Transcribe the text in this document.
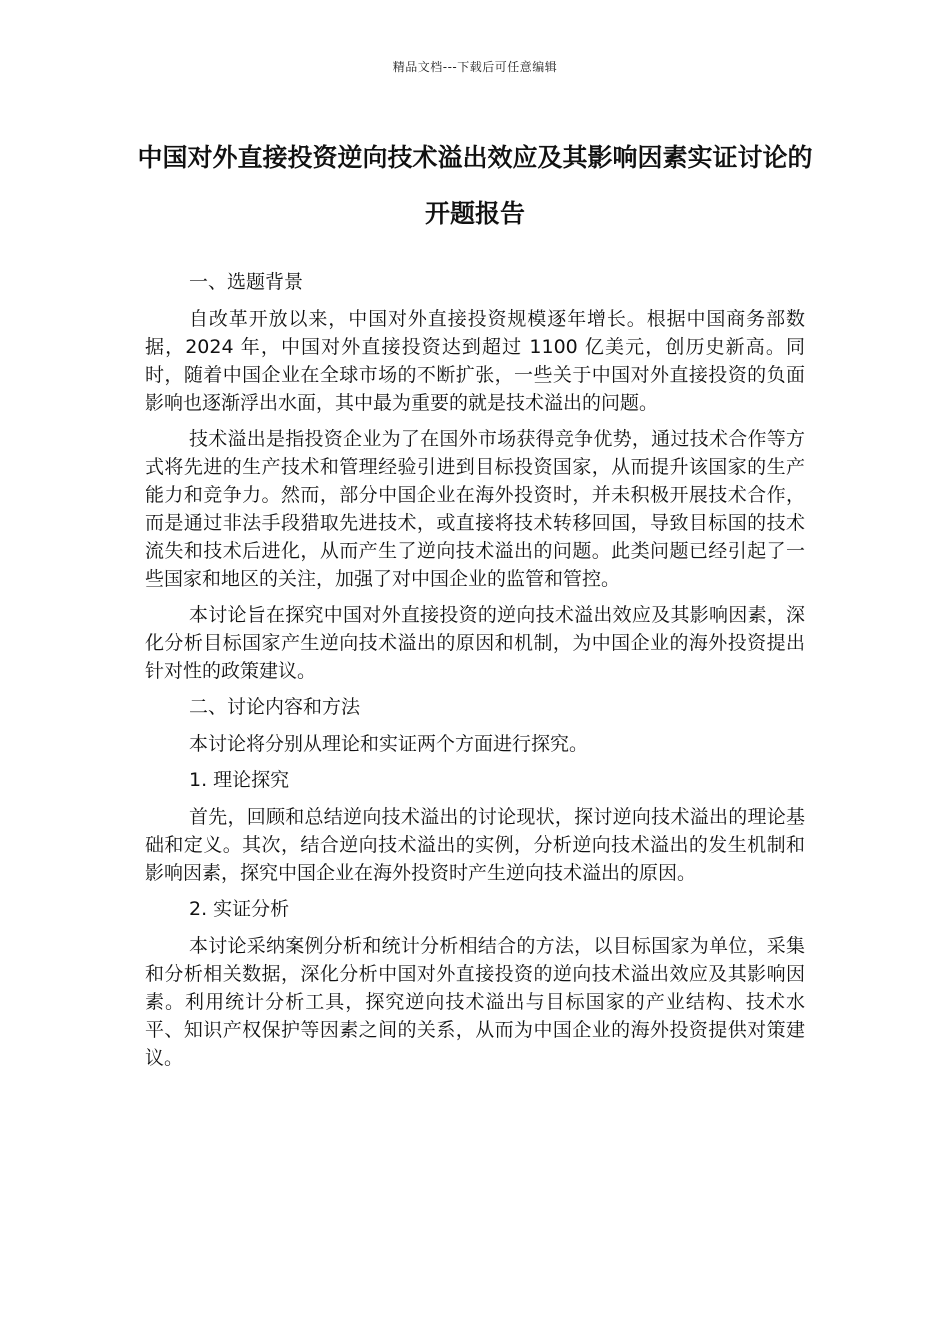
精品文档---下载后可任意编辑
中国对外直接投资逆向技术溢出效应及其影响因素实证讨论的开题报告

一、选题背景

自改革开放以来，中国对外直接投资规模逐年增长。根据中国商务部数据，2024 年，中国对外直接投资达到超过 1100 亿美元，创历史新高。同时，随着中国企业在全球市场的不断扩张，一些关于中国对外直接投资的负面影响也逐渐浮出水面，其中最为重要的就是技术溢出的问题。

技术溢出是指投资企业为了在国外市场获得竞争优势，通过技术合作等方式将先进的生产技术和管理经验引进到目标投资国家，从而提升该国家的生产能力和竞争力。然而，部分中国企业在海外投资时，并未积极开展技术合作，而是通过非法手段猎取先进技术，或直接将技术转移回国，导致目标国的技术流失和技术后进化，从而产生了逆向技术溢出的问题。此类问题已经引起了一些国家和地区的关注，加强了对中国企业的监管和管控。

本讨论旨在探究中国对外直接投资的逆向技术溢出效应及其影响因素，深化分析目标国家产生逆向技术溢出的原因和机制，为中国企业的海外投资提出针对性的政策建议。

二、讨论内容和方法

本讨论将分别从理论和实证两个方面进行探究。

1. 理论探究

首先，回顾和总结逆向技术溢出的讨论现状，探讨逆向技术溢出的理论基础和定义。其次，结合逆向技术溢出的实例，分析逆向技术溢出的发生机制和影响因素，探究中国企业在海外投资时产生逆向技术溢出的原因。

2. 实证分析

本讨论采纳案例分析和统计分析相结合的方法，以目标国家为单位，采集和分析相关数据，深化分析中国对外直接投资的逆向技术溢出效应及其影响因素。利用统计分析工具，探究逆向技术溢出与目标国家的产业结构、技术水平、知识产权保护等因素之间的关系，从而为中国企业的海外投资提供对策建议。
